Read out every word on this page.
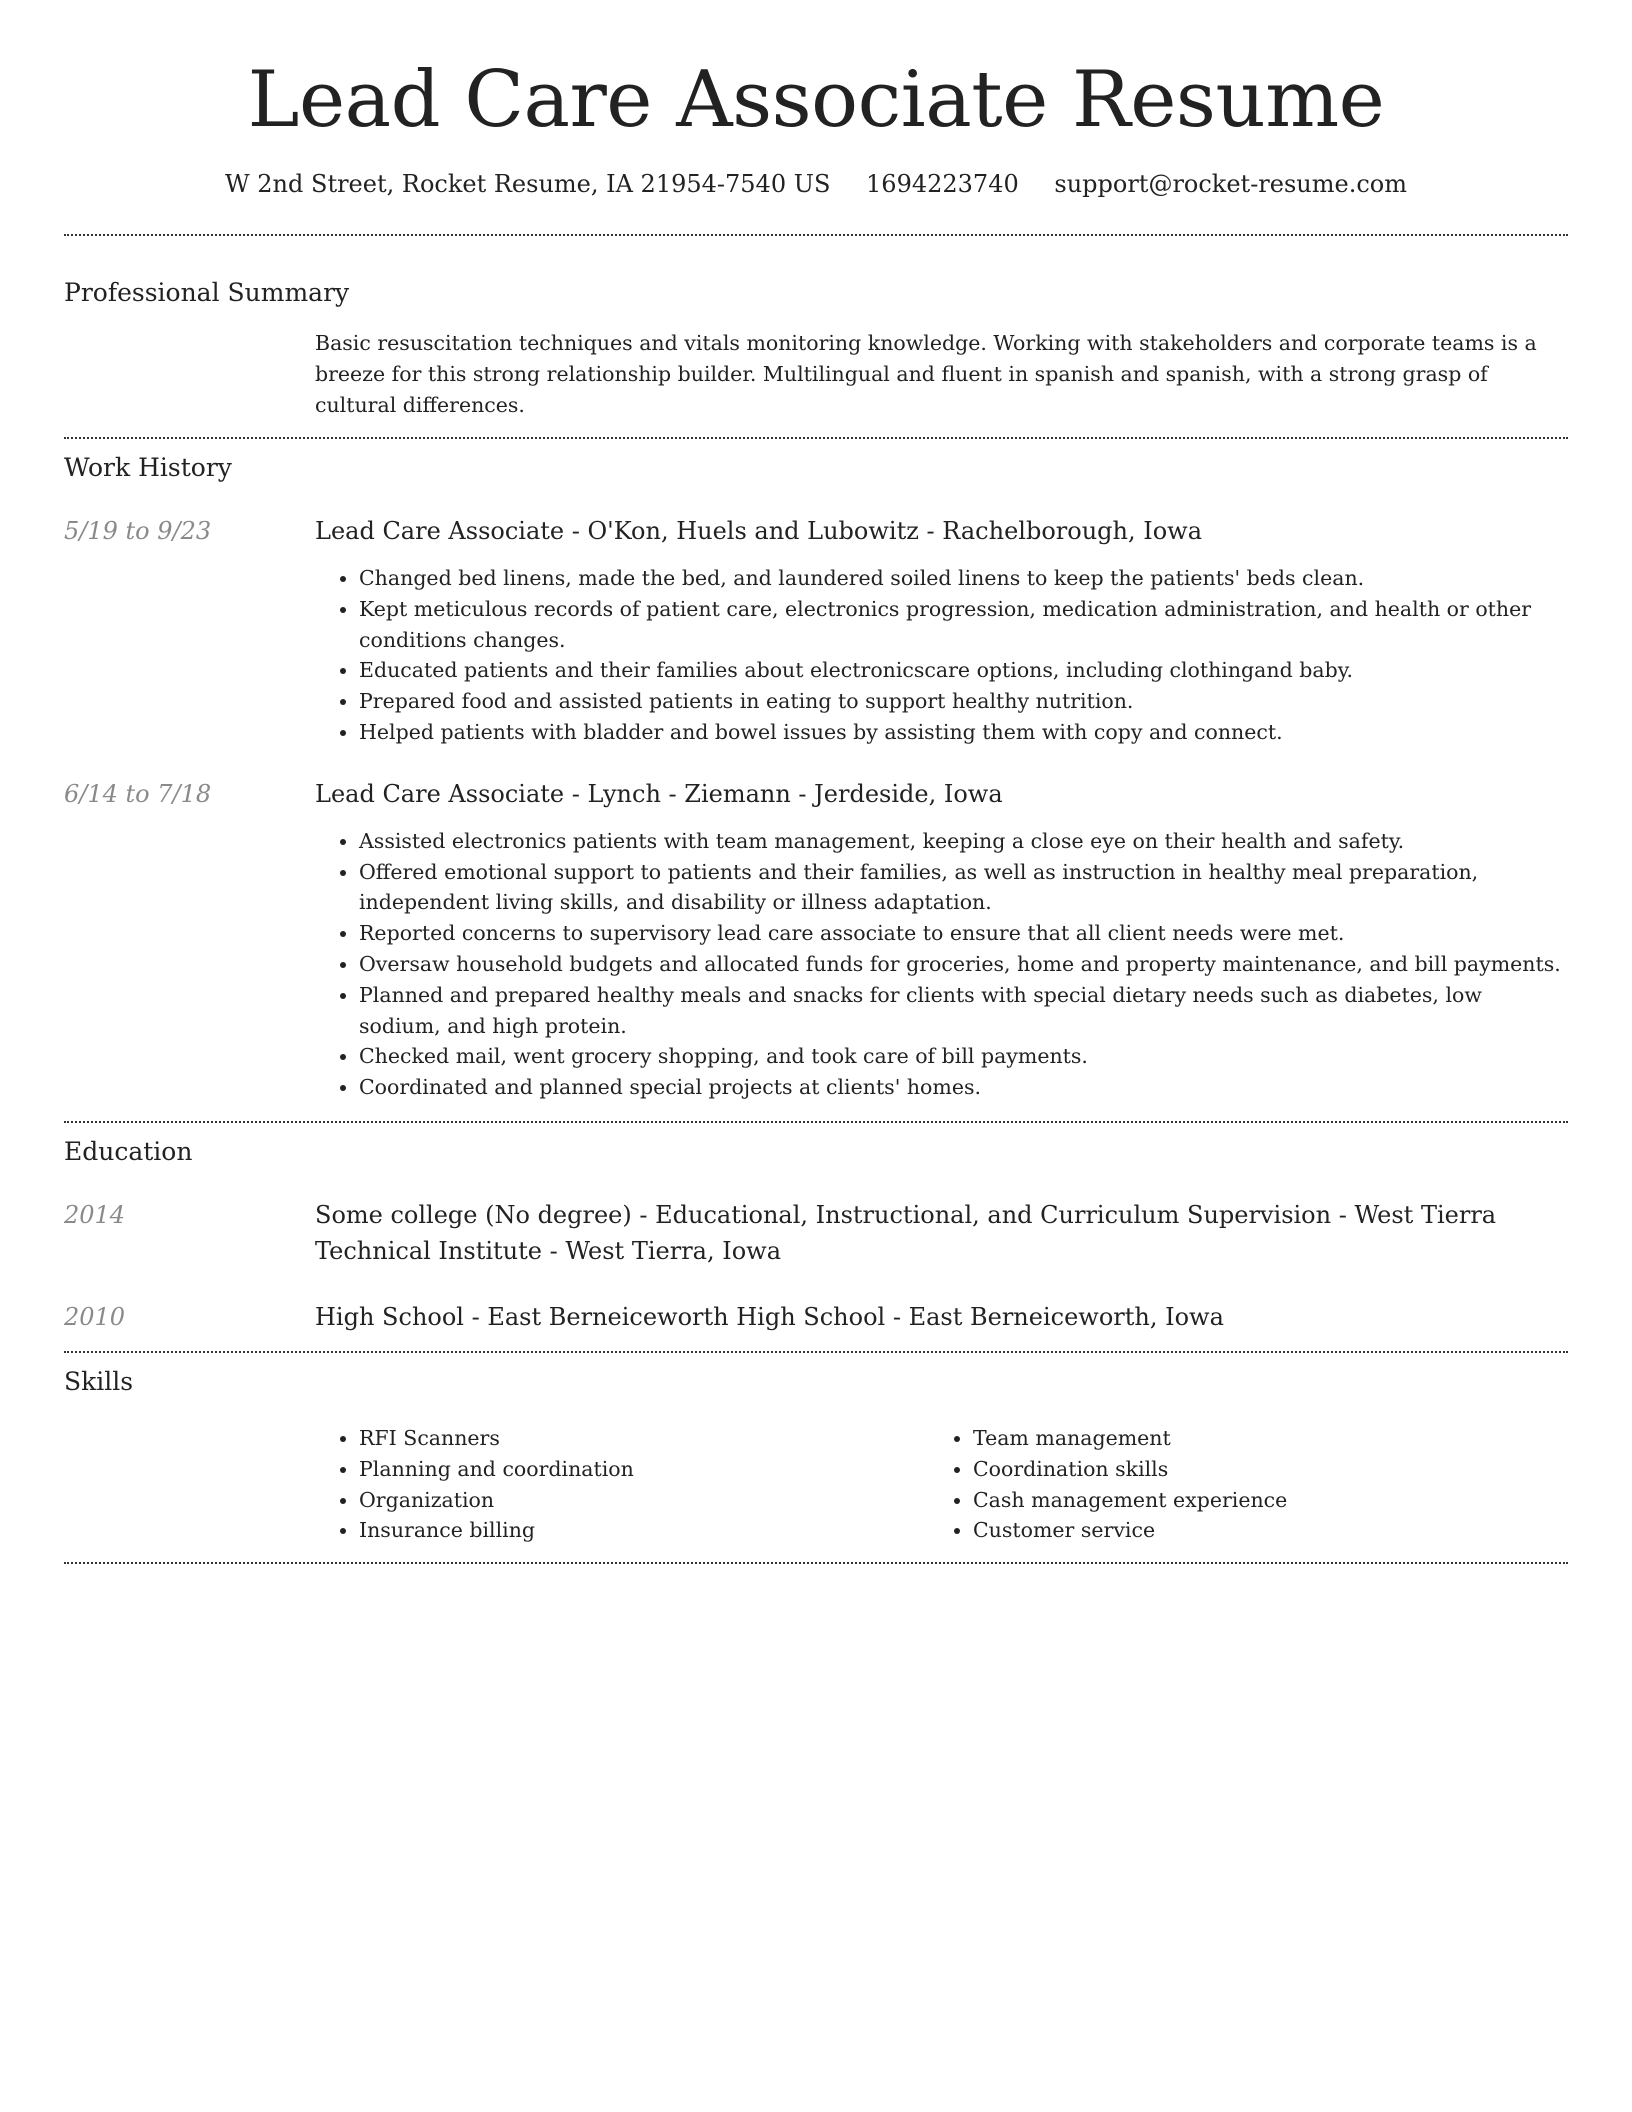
Lead Care Associate Resume
W 2nd Street, Rocket Resume, IA 21954-7540 US 1694223740 support@rocket-resume.com
Professional Summary

Basic resuscitation techniques and vitals monitoring knowledge. Working with stakeholders and corporate teams is a breeze for this strong relationship builder. Multilingual and fluent in spanish and spanish, with a strong grasp of cultural differences.

Work History
5/19 to 9/23	Lead Care Associate - O'Kon, Huels and Lubowitz - Rachelborough, Iowa
• Changed bed linens, made the bed, and laundered soiled linens to keep the patients' beds clean.
• Kept meticulous records of patient care, electronics progression, medication administration, and health or other conditions changes.
• Educated patients and their families about electronicscare options, including clothingand baby.
• Prepared food and assisted patients in eating to support healthy nutrition.
• Helped patients with bladder and bowel issues by assisting them with copy and connect.
6/14 to 7/18	Lead Care Associate - Lynch - Ziemann - Jerdeside, Iowa
• Assisted electronics patients with team management, keeping a close eye on their health and safety.
• Offered emotional support to patients and their families, as well as instruction in healthy meal preparation, independent living skills, and disability or illness adaptation.
• Reported concerns to supervisory lead care associate to ensure that all client needs were met.
• Oversaw household budgets and allocated funds for groceries, home and property maintenance, and bill payments.
• Planned and prepared healthy meals and snacks for clients with special dietary needs such as diabetes, low sodium, and high protein.
• Checked mail, went grocery shopping, and took care of bill payments.
• Coordinated and planned special projects at clients' homes.
Education
2014	Some college (No degree) - Educational, Instructional, and Curriculum Supervision - West Tierra Technical Institute - West Tierra, Iowa
2010	High School - East Berneiceworth High School - East Berneiceworth, Iowa
Skills
• RFI Scanners
• Planning and coordination
• Organization
• Insurance billing
• Team management
• Coordination skills
• Cash management experience
• Customer service
